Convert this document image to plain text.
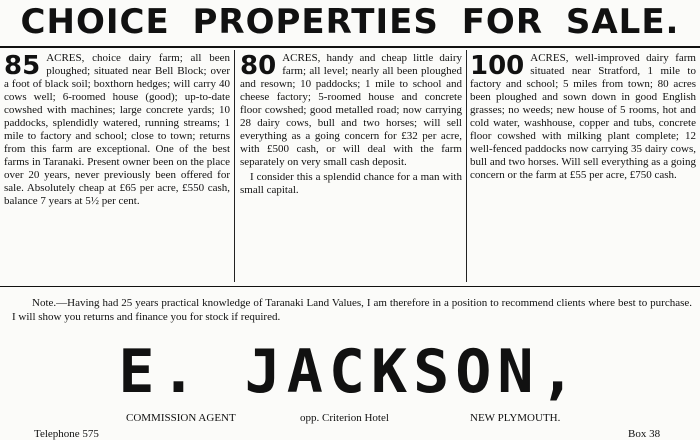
CHOICE PROPERTIES FOR SALE.
85 ACRES, choice dairy farm; all been ploughed; situated near Bell Block; over a foot of black soil; boxthorn hedges; will carry 40 cows well; 6-roomed house (good); up-to-date cowshed with machines; large concrete yards; 10 paddocks, splendidly watered, running streams; 1 mile to factory and school; close to town; returns from this farm are exceptional. One of the best farms in Taranaki. Present owner been on the place over 20 years, never previously been offered for sale. Absolutely cheap at £65 per acre, £550 cash, balance 7 years at 5½ per cent.

80 ACRES, handy and cheap little dairy farm; all level; nearly all been ploughed and resown; 10 paddocks; 1 mile to school and cheese factory; 5-roomed house and concrete floor cowshed; good metalled road; now carrying 28 dairy cows, bull and two horses; will sell everything as a going concern for £32 per acre, with £500 cash, or will deal with the farm separately on very small cash deposit.

I consider this a splendid chance for a man with small capital.

100 ACRES, well-improved dairy farm situated near Stratford, 1 mile to factory and school; 5 miles from town; 80 acres been ploughed and sown down in good English grasses; no weeds; new house of 5 rooms, hot and cold water, washhouse, copper and tubs, concrete floor cowshed with milking plant complete; 12 well-fenced paddocks now carrying 35 dairy cows, bull and two horses. Will sell everything as a going concern or the farm at £55 per acre, £750 cash.

Note.—Having had 25 years practical knowledge of Taranaki Land Values, I am therefore in a position to recommend clients where best to purchase. I will show you returns and finance you for stock if required.
E. JACKSON,
COMMISSION AGENT	opp. Criterion Hotel	NEW PLYMOUTH.
Telephone 575	Box 38
